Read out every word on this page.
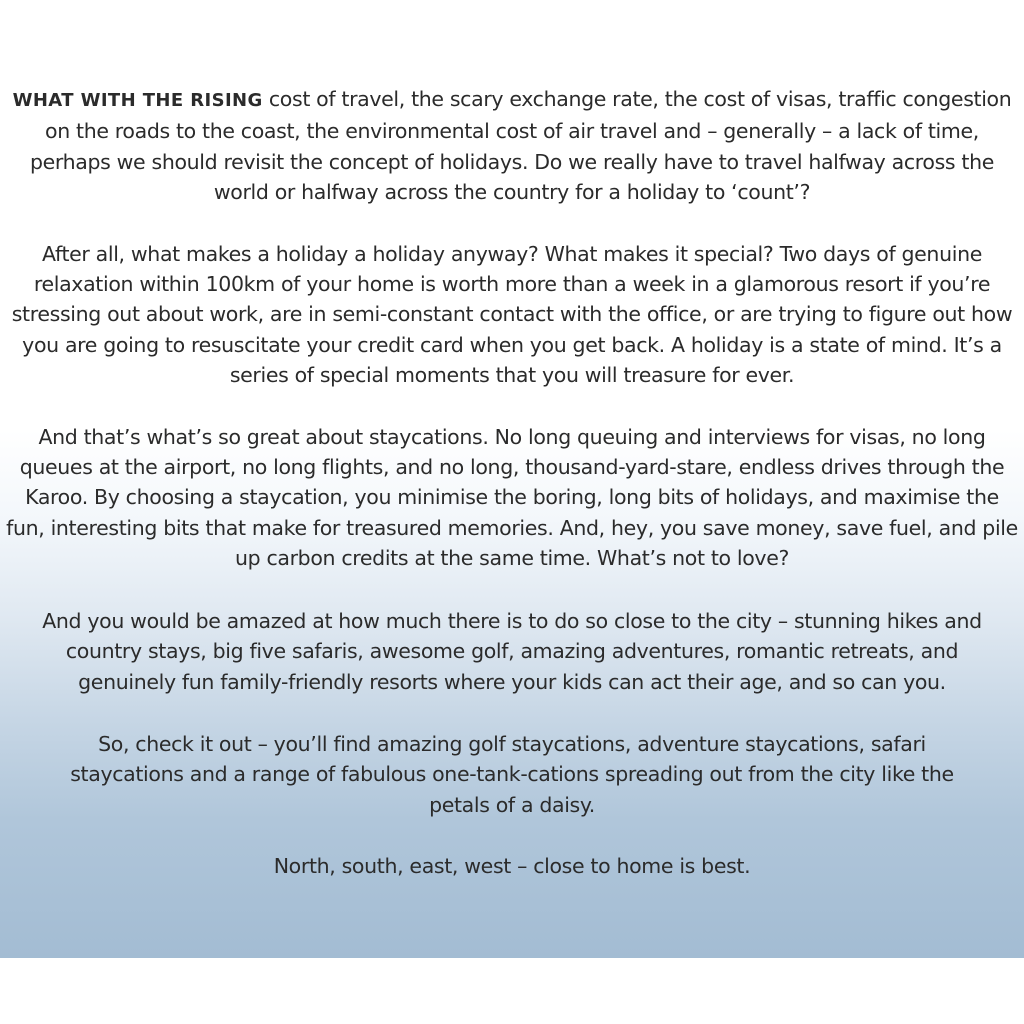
WHAT WITH THE RISING cost of travel, the scary exchange rate, the cost of visas, traffic congestion on the roads to the coast, the environmental cost of air travel and – generally – a lack of time, perhaps we should revisit the concept of holidays. Do we really have to travel halfway across the world or halfway across the country for a holiday to ‘count’?

After all, what makes a holiday a holiday anyway? What makes it special? Two days of genuine relaxation within 100km of your home is worth more than a week in a glamorous resort if you’re stressing out about work, are in semi-constant contact with the office, or are trying to figure out how you are going to resuscitate your credit card when you get back. A holiday is a state of mind. It’s a series of special moments that you will treasure for ever.

And that’s what’s so great about staycations. No long queuing and interviews for visas, no long queues at the airport, no long flights, and no long, thousand-yard-stare, endless drives through the Karoo. By choosing a staycation, you minimise the boring, long bits of holidays, and maximise the fun, interesting bits that make for treasured memories. And, hey, you save money, save fuel, and pile up carbon credits at the same time. What’s not to love?

And you would be amazed at how much there is to do so close to the city – stunning hikes and country stays, big five safaris, awesome golf, amazing adventures, romantic retreats, and genuinely fun family-friendly resorts where your kids can act their age, and so can you.

So, check it out – you’ll find amazing golf staycations, adventure staycations, safari staycations and a range of fabulous one-tank-cations spreading out from the city like the petals of a daisy.

North, south, east, west – close to home is best.
